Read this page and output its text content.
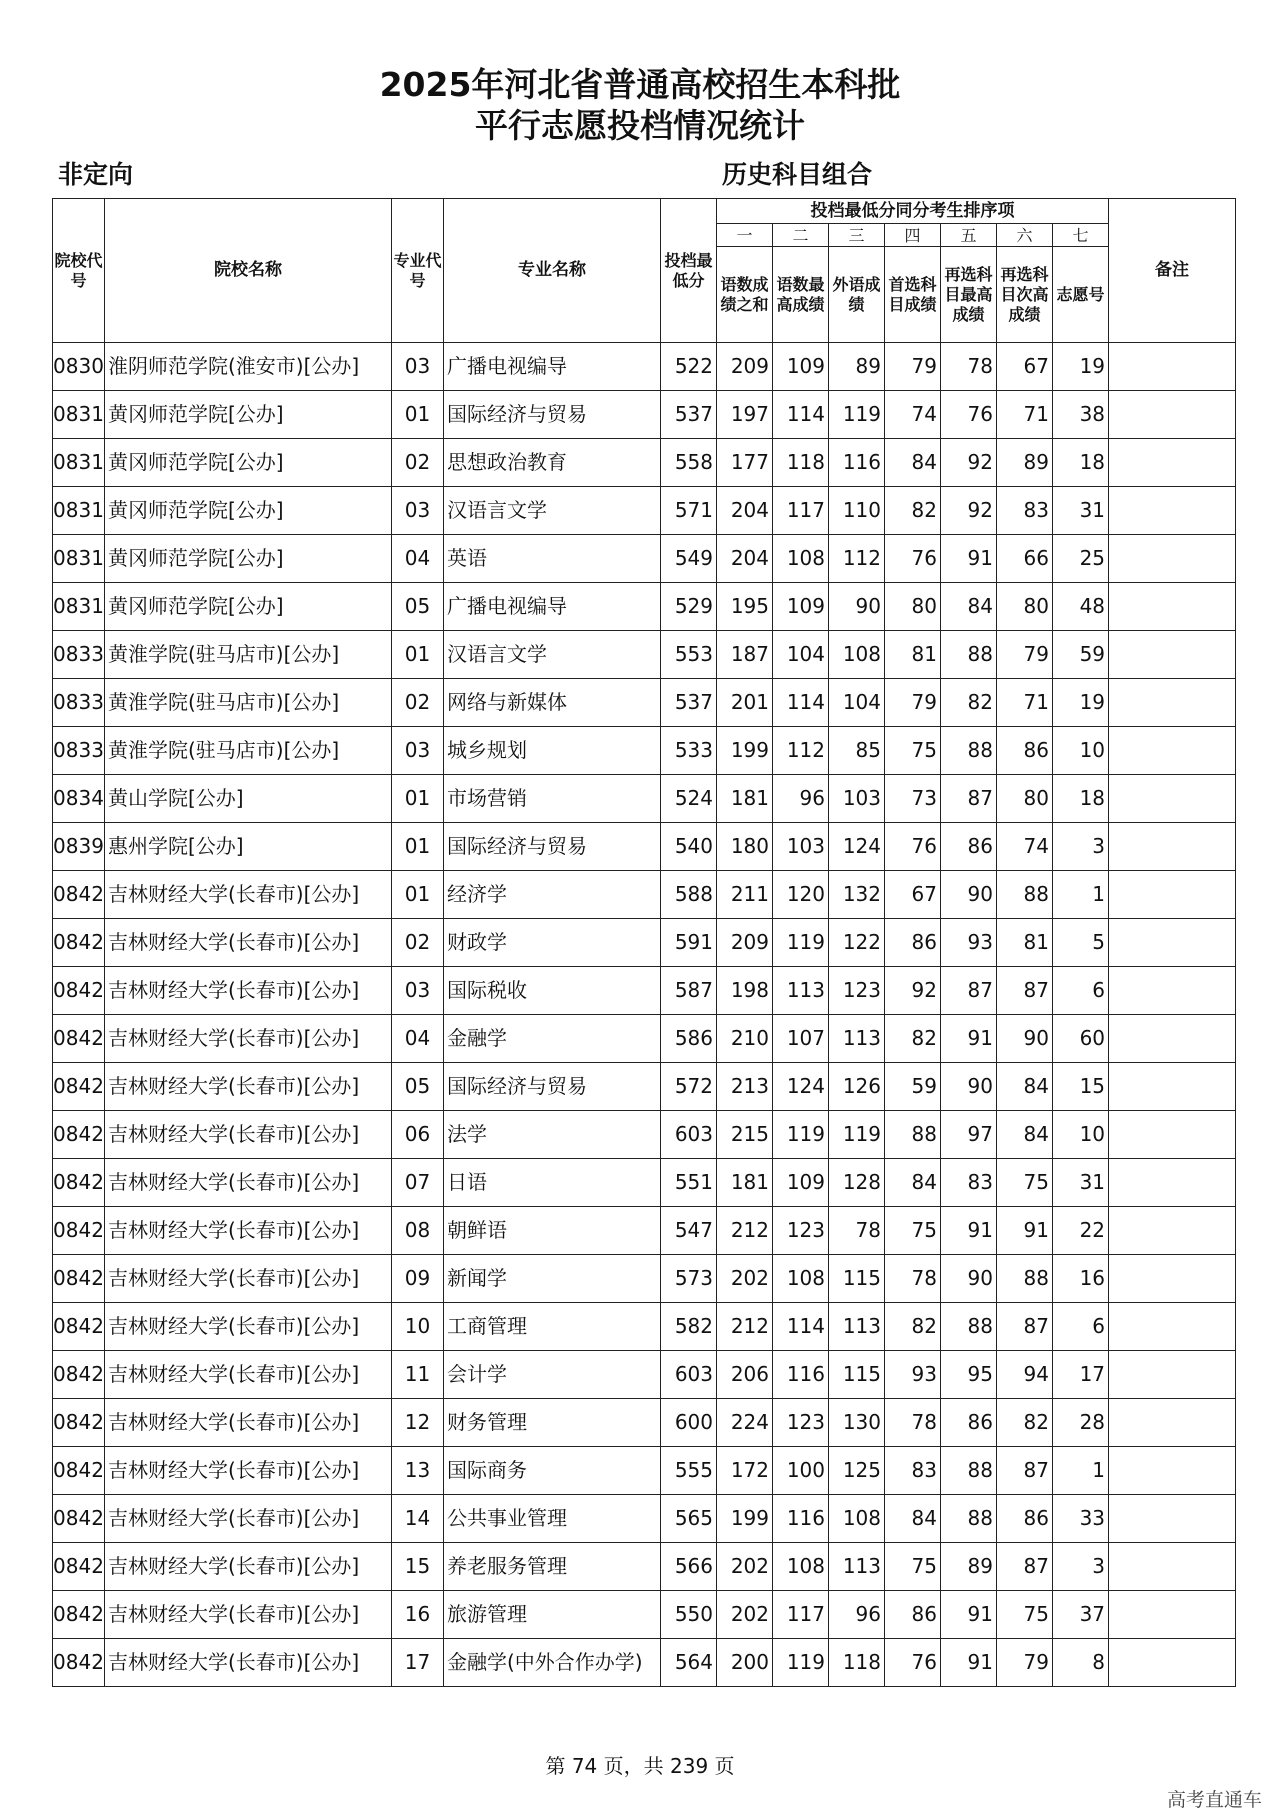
2025年河北省普通高校招生本科批
平行志愿投档情况统计
非定向	历史科目组合
院校代号	院校名称	专业代号	专业名称	投档最低分	投档最低分同分考生排序项							备注
					一	二	三	四	五	六	七	
					语数成绩之和	语数最高成绩	外语成绩	首选科目成绩	再选科目最高成绩	再选科目次高成绩	志愿号	
0830	淮阴师范学院(淮安市)[公办]	03	广播电视编导	522	209	109	89	79	78	67	19	
0831	黄冈师范学院[公办]	01	国际经济与贸易	537	197	114	119	74	76	71	38	
0831	黄冈师范学院[公办]	02	思想政治教育	558	177	118	116	84	92	89	18	
0831	黄冈师范学院[公办]	03	汉语言文学	571	204	117	110	82	92	83	31	
0831	黄冈师范学院[公办]	04	英语	549	204	108	112	76	91	66	25	
0831	黄冈师范学院[公办]	05	广播电视编导	529	195	109	90	80	84	80	48	
0833	黄淮学院(驻马店市)[公办]	01	汉语言文学	553	187	104	108	81	88	79	59	
0833	黄淮学院(驻马店市)[公办]	02	网络与新媒体	537	201	114	104	79	82	71	19	
0833	黄淮学院(驻马店市)[公办]	03	城乡规划	533	199	112	85	75	88	86	10	
0834	黄山学院[公办]	01	市场营销	524	181	96	103	73	87	80	18	
0839	惠州学院[公办]	01	国际经济与贸易	540	180	103	124	76	86	74	3	
0842	吉林财经大学(长春市)[公办]	01	经济学	588	211	120	132	67	90	88	1	
0842	吉林财经大学(长春市)[公办]	02	财政学	591	209	119	122	86	93	81	5	
0842	吉林财经大学(长春市)[公办]	03	国际税收	587	198	113	123	92	87	87	6	
0842	吉林财经大学(长春市)[公办]	04	金融学	586	210	107	113	82	91	90	60	
0842	吉林财经大学(长春市)[公办]	05	国际经济与贸易	572	213	124	126	59	90	84	15	
0842	吉林财经大学(长春市)[公办]	06	法学	603	215	119	119	88	97	84	10	
0842	吉林财经大学(长春市)[公办]	07	日语	551	181	109	128	84	83	75	31	
0842	吉林财经大学(长春市)[公办]	08	朝鲜语	547	212	123	78	75	91	91	22	
0842	吉林财经大学(长春市)[公办]	09	新闻学	573	202	108	115	78	90	88	16	
0842	吉林财经大学(长春市)[公办]	10	工商管理	582	212	114	113	82	88	87	6	
0842	吉林财经大学(长春市)[公办]	11	会计学	603	206	116	115	93	95	94	17	
0842	吉林财经大学(长春市)[公办]	12	财务管理	600	224	123	130	78	86	82	28	
0842	吉林财经大学(长春市)[公办]	13	国际商务	555	172	100	125	83	88	87	1	
0842	吉林财经大学(长春市)[公办]	14	公共事业管理	565	199	116	108	84	88	86	33	
0842	吉林财经大学(长春市)[公办]	15	养老服务管理	566	202	108	113	75	89	87	3	
0842	吉林财经大学(长春市)[公办]	16	旅游管理	550	202	117	96	86	91	75	37	
0842	吉林财经大学(长春市)[公办]	17	金融学(中外合作办学)	564	200	119	118	76	91	79	8	
第 74 页，共 239 页
高考直通车
